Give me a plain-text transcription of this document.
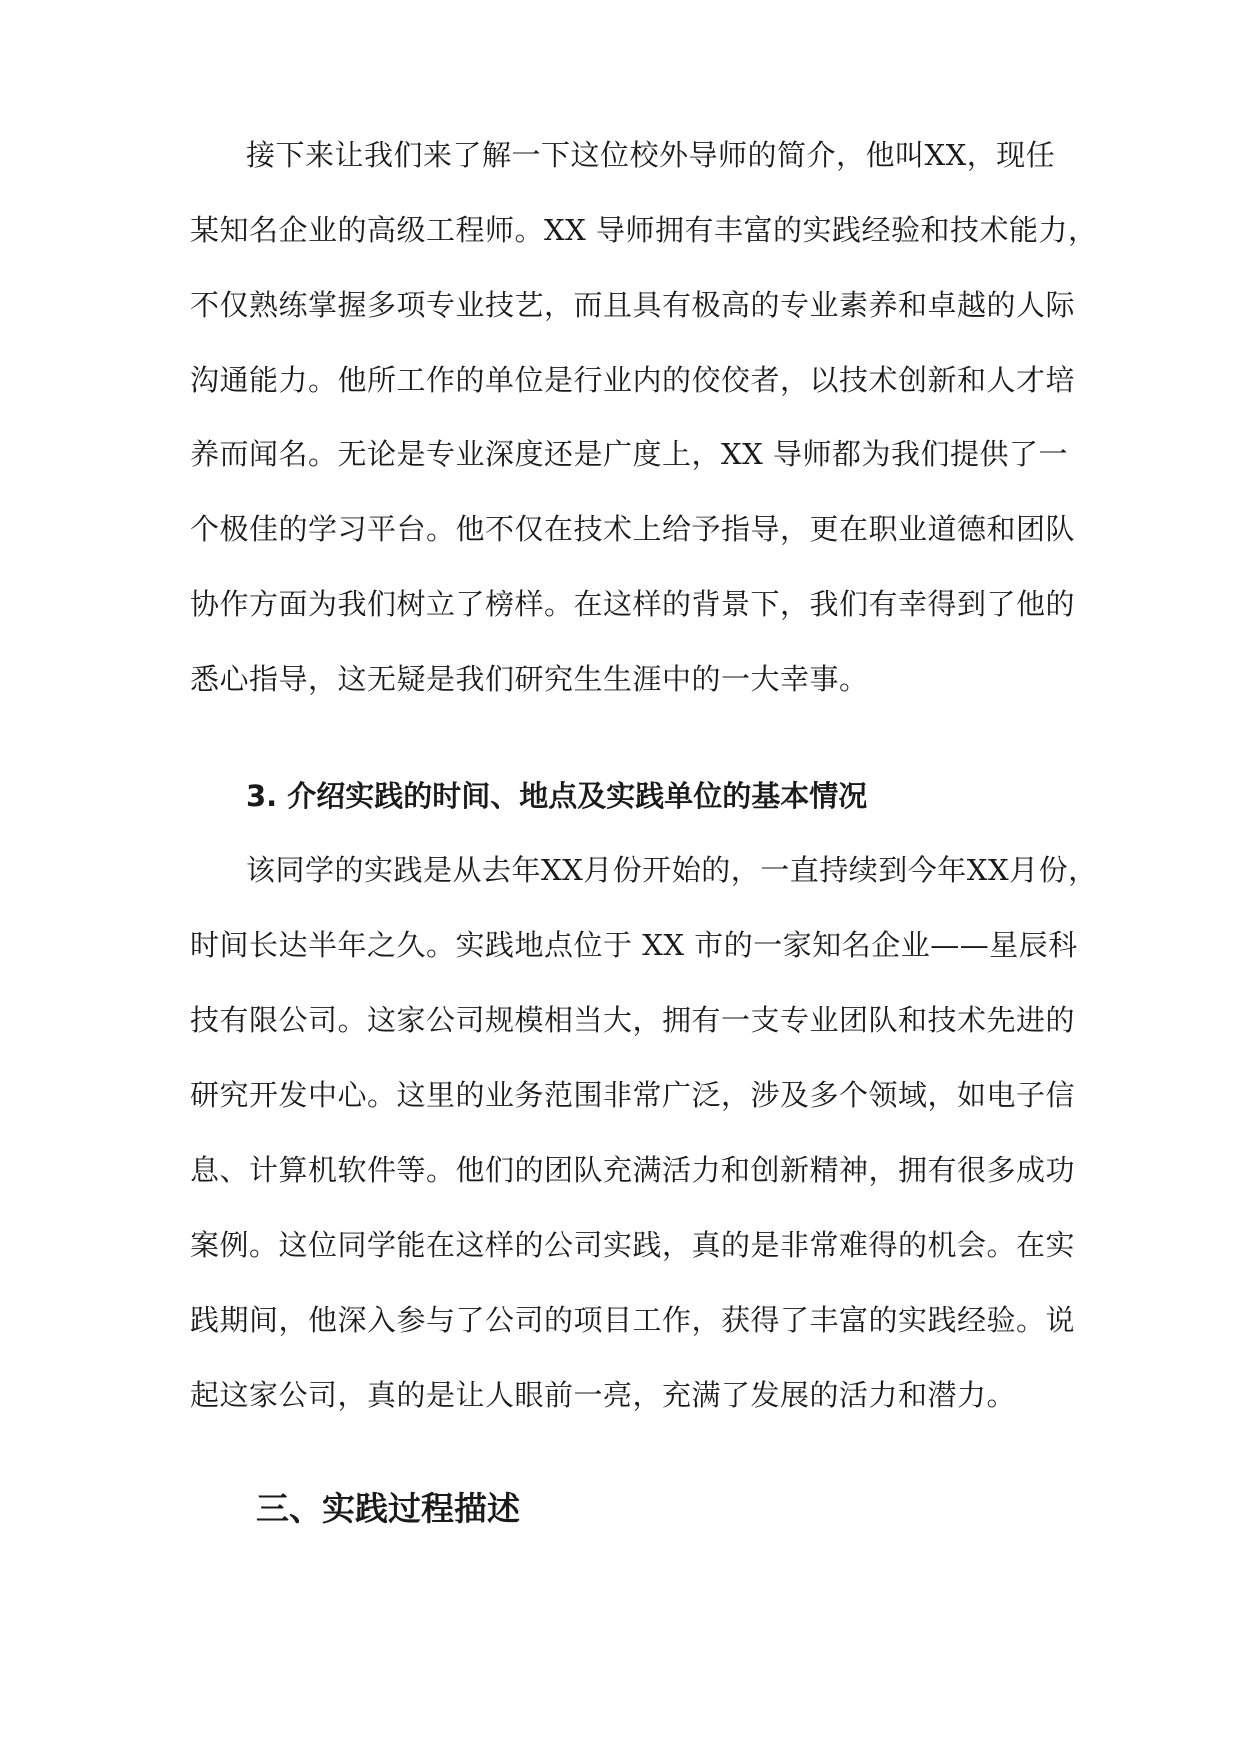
接下来让我们来了解一下这位校外导师的简介，他叫XX，现任
某知名企业的高级工程师。XX 导师拥有丰富的实践经验和技术能力，
不仅熟练掌握多项专业技艺，而且具有极高的专业素养和卓越的人际
沟通能力。他所工作的单位是行业内的佼佼者，以技术创新和人才培
养而闻名。无论是专业深度还是广度上，XX 导师都为我们提供了一
个极佳的学习平台。他不仅在技术上给予指导，更在职业道德和团队
协作方面为我们树立了榜样。在这样的背景下，我们有幸得到了他的
悉心指导，这无疑是我们研究生生涯中的一大幸事。
3. 介绍实践的时间、地点及实践单位的基本情况
该同学的实践是从去年XX月份开始的，一直持续到今年XX月份，
时间长达半年之久。实践地点位于 XX 市的一家知名企业——星辰科
技有限公司。这家公司规模相当大，拥有一支专业团队和技术先进的
研究开发中心。这里的业务范围非常广泛，涉及多个领域，如电子信
息、计算机软件等。他们的团队充满活力和创新精神，拥有很多成功
案例。这位同学能在这样的公司实践，真的是非常难得的机会。在实
践期间，他深入参与了公司的项目工作，获得了丰富的实践经验。说
起这家公司，真的是让人眼前一亮，充满了发展的活力和潜力。
三、实践过程描述
